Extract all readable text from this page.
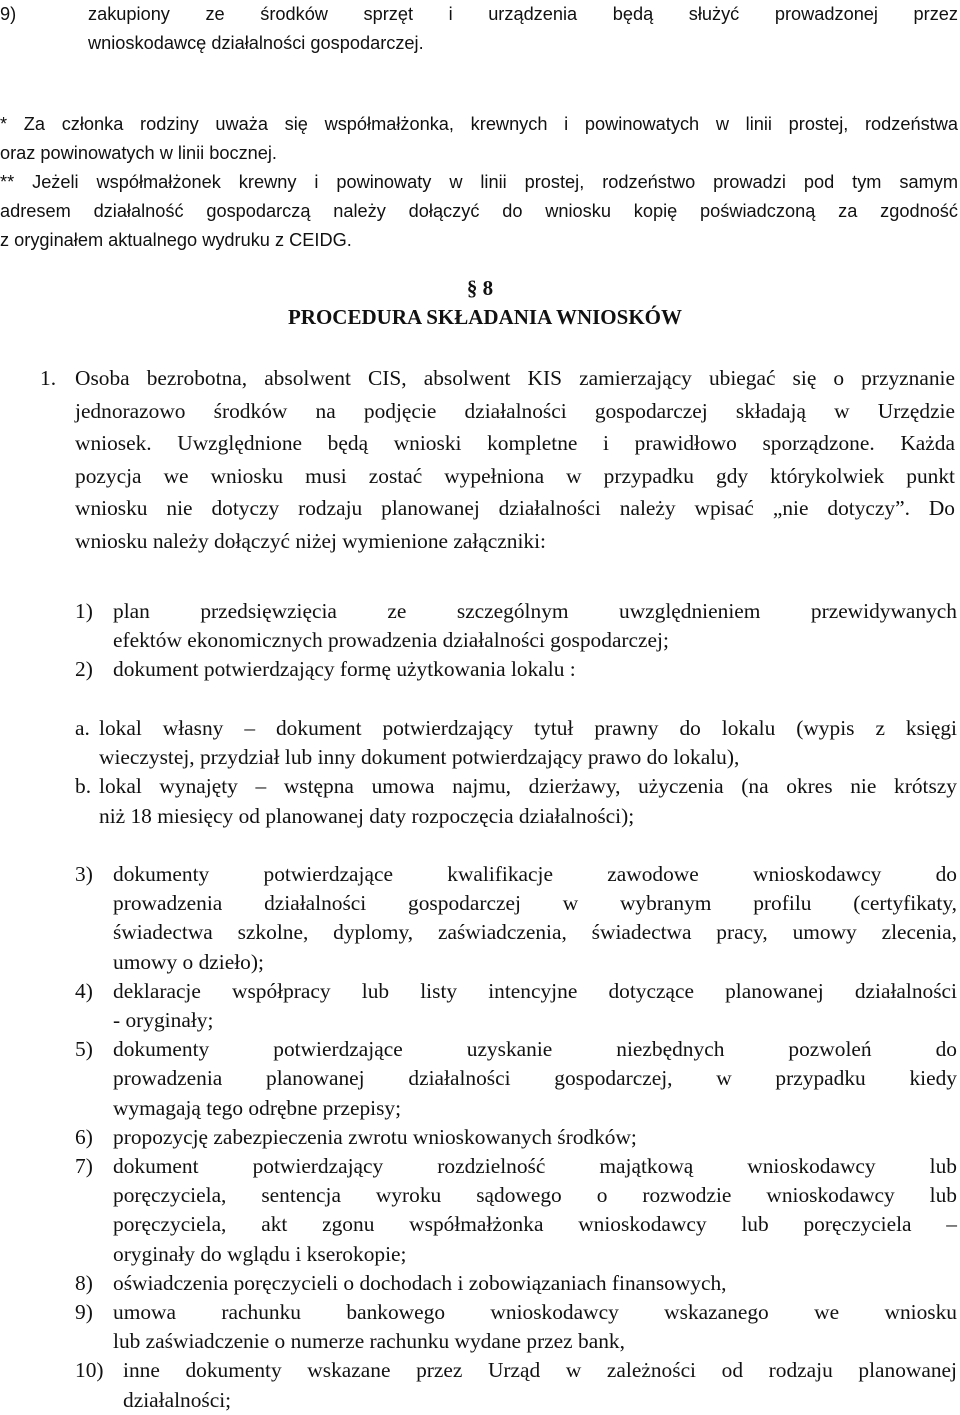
9)	zakupiony ze środków sprzęt i urządzenia będą służyć prowadzonej przez
wnioskodawcę działalności gospodarczej.
* Za członka rodziny uważa się współmałżonka, krewnych i powinowatych w linii prostej, rodzeństwa
oraz powinowatych w linii bocznej.
** Jeżeli współmałżonek krewny i powinowaty w linii prostej, rodzeństwo prowadzi pod tym samym
adresem działalność gospodarczą należy dołączyć do wniosku kopię poświadczoną za zgodność
z oryginałem aktualnego wydruku z CEIDG.
§ 8
PROCEDURA SKŁADANIA WNIOSKÓW
1. Osoba bezrobotna, absolwent CIS, absolwent KIS zamierzający ubiegać się o przyznanie
jednorazowo środków na podjęcie działalności gospodarczej składają w Urzędzie
wniosek. Uwzględnione będą wnioski kompletne i prawidłowo sporządzone. Każda
pozycja we wniosku musi zostać wypełniona w przypadku gdy którykolwiek punkt
wniosku nie dotyczy rodzaju planowanej działalności należy wpisać „nie dotyczy”. Do
wniosku należy dołączyć niżej wymienione załączniki:
1) plan przedsięwzięcia ze szczególnym uwzględnieniem przewidywanych
efektów ekonomicznych prowadzenia działalności gospodarczej;
2) dokument potwierdzający formę użytkowania lokalu :
a. lokal własny – dokument potwierdzający tytuł prawny do lokalu (wypis z księgi
wieczystej, przydział lub inny dokument potwierdzający prawo do lokalu),
b. lokal wynajęty – wstępna umowa najmu, dzierżawy, użyczenia (na okres nie krótszy
niż 18 miesięcy od planowanej daty rozpoczęcia działalności);
3) dokumenty potwierdzające kwalifikacje zawodowe wnioskodawcy do
prowadzenia działalności gospodarczej w wybranym profilu (certyfikaty,
świadectwa szkolne, dyplomy, zaświadczenia, świadectwa pracy, umowy zlecenia,
umowy o dzieło);
4) deklaracje współpracy lub listy intencyjne dotyczące planowanej działalności
- oryginały;
5) dokumenty potwierdzające uzyskanie niezbędnych pozwoleń do
prowadzenia planowanej działalności gospodarczej, w przypadku kiedy
wymagają tego odrębne przepisy;
6) propozycję zabezpieczenia zwrotu wnioskowanych środków;
7) dokument potwierdzający rozdzielność majątkową wnioskodawcy lub
poręczyciela, sentencja wyroku sądowego o rozwodzie wnioskodawcy lub
poręczyciela, akt zgonu współmałżonka wnioskodawcy lub poręczyciela –
oryginały do wglądu i kserokopie;
8) oświadczenia poręczycieli o dochodach i zobowiązaniach finansowych,
9) umowa rachunku bankowego wnioskodawcy wskazanego we wniosku
lub zaświadczenie o numerze rachunku wydane przez bank,
10) inne dokumenty wskazane przez Urząd w zależności od rodzaju planowanej
działalności;
